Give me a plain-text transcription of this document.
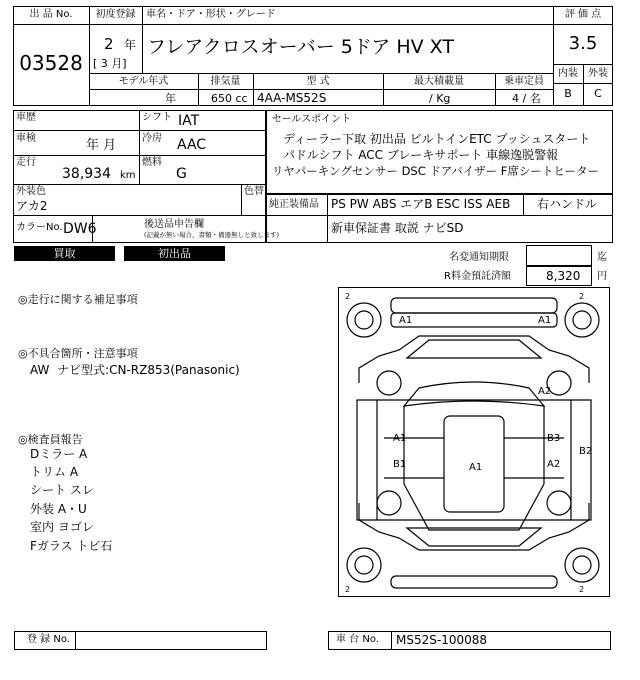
出 品 No.
03528
初度登録
2 年
[ 3 月]
車名・ドア・形状・グレード
フレアクロスオーバー 5ドア HV XT
評 価 点
3.5
内装	外装
B	C
モデル年式	排気量	型 式	最大積載量	乗車定員
年	650 cc 4AA-MS52S	/ Kg	4 / 名
車歴	シフト IAT
車検	年 月	冷房 AAC
走行
38,934 km
燃料
G
外装色
アカ2
色替
カラーNo. DW6	後送品申告欄
(記載が無い場合、書類・備器無しと致します)
セールスポイント
ディーラー下取 初出品 ビルトインETC プッシュスタート
パドルシフト ACC ブレーキサポート 車線逸脱警報
リヤパーキングセンサー DSC ドアバイザー F席シートヒーター
純正装備品 PS PW ABS エアB ESC ISS AEB 右ハンドル
新車保証書 取説 ナビSD
買取	初出品	名変通知期限	迄
R料金預託済額	8,320 円
◎走行に関する補足事項
◎不具合箇所・注意事項
AW  ナビ型式:CN-RZ853(Panasonic)
◎検査員報告
Dミラー A
トリム A
シート スレ
外装 A・U
室内 ヨゴレ
Fガラス トビ石
2	2
2	2
A1	A1
A2
A1	B3
B1	A1	A2
B2
登 録 No.	車 台 No. MS52S-100088
